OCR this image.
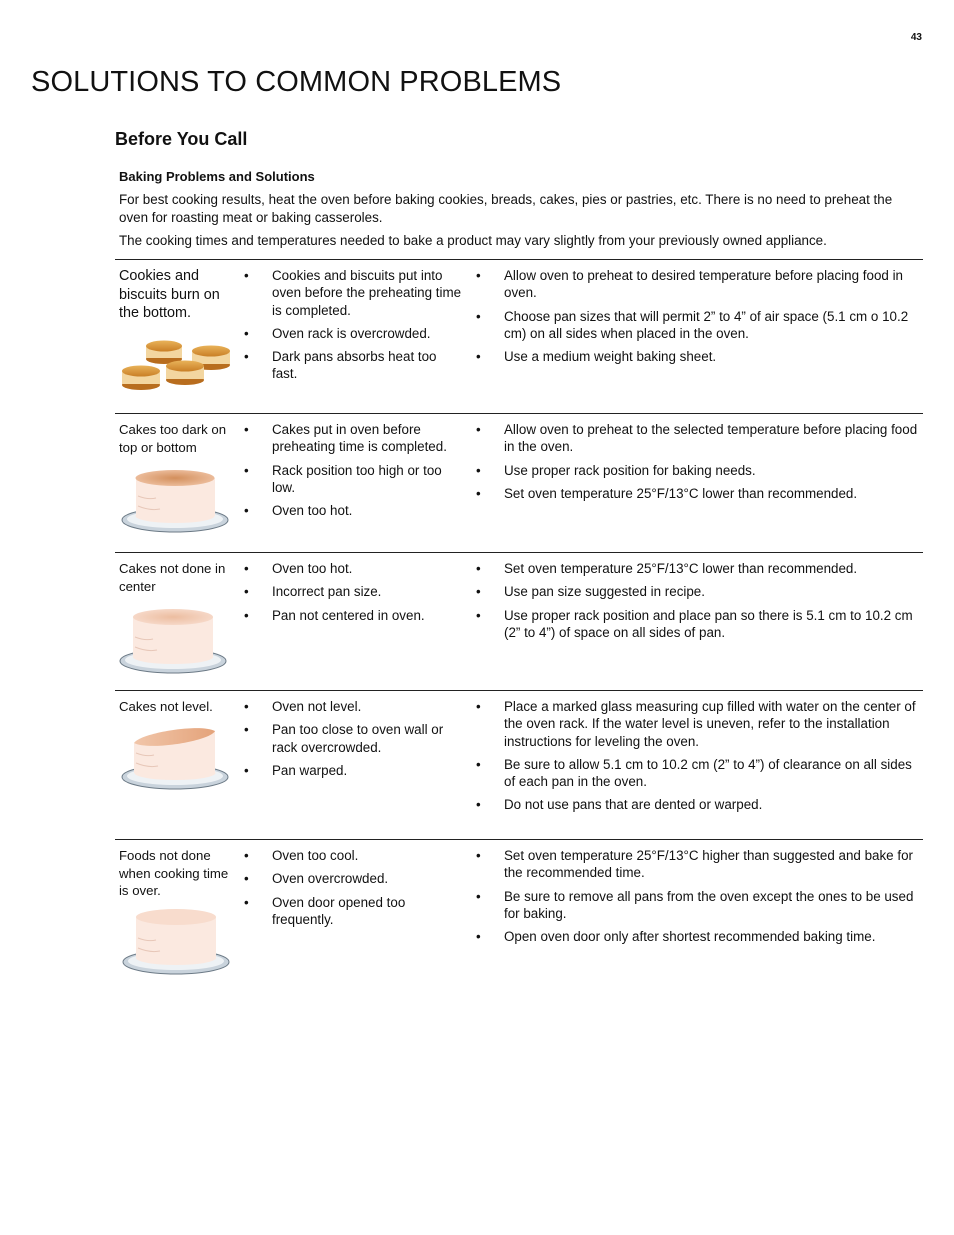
43
SOLUTIONS TO COMMON PROBLEMS
Before You Call
Baking Problems and Solutions

For best cooking results, heat the oven before baking cookies, breads, cakes, pies or pastries, etc. There is no need to preheat the oven for roasting meat or baking casseroles.

The cooking times and temperatures needed to bake a product may vary slightly from your previously owned appliance.

Cookies and biscuits burn on the bottom.
• Cookies and biscuits put into oven before the preheating time is completed.
• Oven rack is overcrowded.
• Dark pans absorbs heat too fast.
• Allow oven to preheat to desired temperature before placing food in oven.
• Choose pan sizes that will permit 2” to 4” of air space (5.1 cm o 10.2 cm) on all sides when placed in the oven.
• Use a medium weight baking sheet.
Cakes too dark on top or bottom
• Cakes put in oven before preheating time is completed.
• Rack position too high or too low.
• Oven too hot.
• Allow oven to preheat to the selected temperature before placing food in the oven.
• Use proper rack position for baking needs.
• Set oven temperature 25°F/13°C lower than recommended.
Cakes not done in center
• Oven too hot.
• Incorrect pan size.
• Pan not centered in oven.
• Set oven temperature 25°F/13°C lower than recommended.
• Use pan size suggested in recipe.
• Use proper rack position and place pan so there is 5.1 cm to 10.2 cm (2” to 4”) of space on all sides of pan.
Cakes not level.	• Oven not level.
• Pan too close to oven wall or rack overcrowded.
• Pan warped.
• Place a marked glass measuring cup filled with water on the center of the oven rack. If the water level is uneven, refer to the installation instructions for leveling the oven.
• Be sure to allow 5.1 cm to 10.2 cm (2” to 4”) of clearance on all sides of each pan in the oven.
• Do not use pans that are dented or warped.
Foods not done when cooking time is over.
• Oven too cool.
• Oven overcrowded.
• Oven door opened too frequently.
• Set oven temperature 25°F/13°C higher than suggested and bake for the recommended time.
• Be sure to remove all pans from the oven except the ones to be used for baking.
• Open oven door only after shortest recommended baking time.
